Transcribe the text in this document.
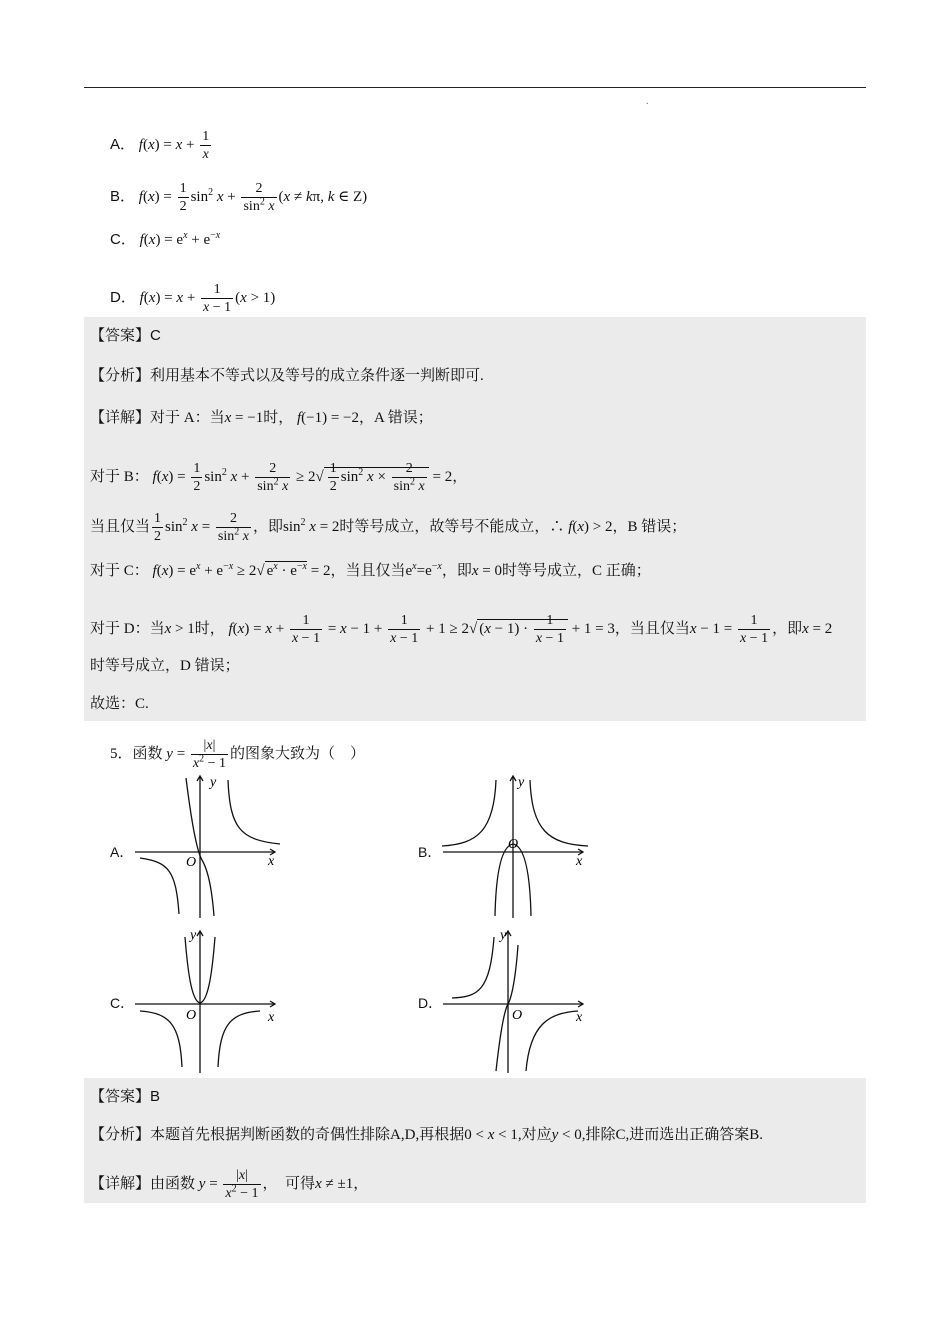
.
A． $f(x) = x + \frac{1}{x}$
B． $f(x) = \frac{1}{2} \sin^2 x + \frac{2}{\sin^2 x} (x \ne k\pi$, k ∈ Z)
C． $f(x) = e^x + e^{-x}$
D． $f(x) = x + \frac{1}{x - 1} (x > 1)$
【答案】C
【分析】利用基本不等式以及等号的成立条件逐一判断即可.
【详解】对于 A：当x = −1时， f(−1) = −2，A 错误；
对于 B： $f(x) = \frac{1}{2} \sin^2 x + \frac{2}{\sin^2 x} \ge 2√ \frac{1}{2} \sin^2 x \times \frac{2}{\sin^2 x} = 2$，
当且仅当 $\frac{1}{2} \sin^2 x = \frac{2}{\sin^2 x}$ ，即$\sin^2 x = 2$时等号成立，故等号不能成立，∴ f(x) > 2，B 错误；
对于 C： $f(x) = e^x + e^{-x} \ge 2√$ $e^x \cdot e^{-x} = 2$，当且仅当$e^x=e^{-x}$，即x = 0时等号成立，C 正确；
对于 D：当x > 1时， $f(x) = x + \frac{1}{x - 1} = x - 1 + \frac{1}{x - 1} + 1 \ge 2√$ $(x - 1) \cdot \frac{1}{x - 1} + 1 = 3$，当且仅当$x - 1 = \frac{1}{x - 1}$ ，即x = 2
时等号成立，D 错误；
故选：C.
5．函数 $y = \frac{|x|}{x^2 - 1}$ 的图象大致为（　）
A．	B．
C．	D．
y
x
O
y
x
O
y
x
O
y
x
O
【答案】B
【分析】本题首先根据判断函数的奇偶性排除A,D,再根据0 < x < 1,对应y < 0,排除C,进而选出正确答案B.
【详解】由函数 $y = \frac{|x|}{x^2 - 1}$ ，　可得x ≠ ±1，
